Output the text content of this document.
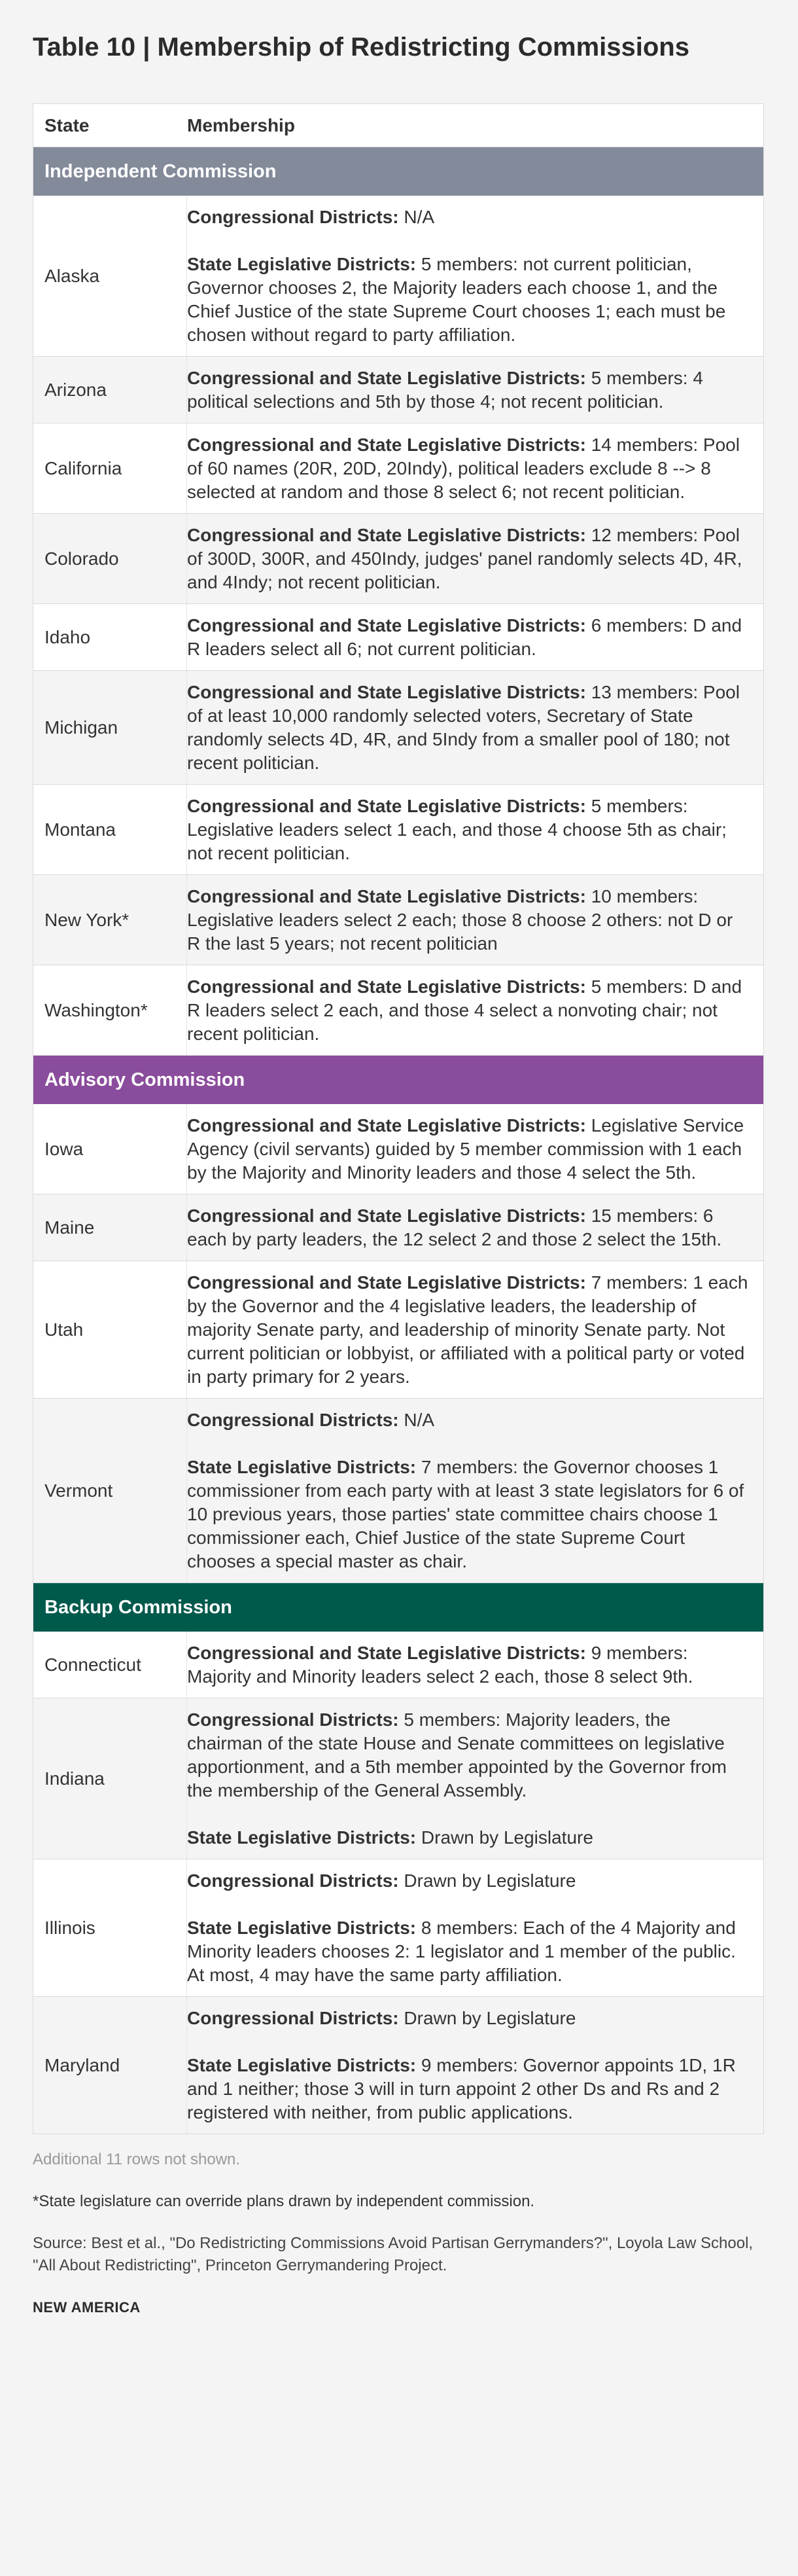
Table 10 | Membership of Redistricting Commissions
State	Membership
Independent Commission
Alaska
Congressional Districts: N/A
State Legislative Districts: 5 members: not current politician, Governor chooses 2, the Majority leaders each choose 1, and the Chief Justice of the state Supreme Court chooses 1; each must be chosen without regard to party affiliation.
Arizona
Congressional and State Legislative Districts: 5 members: 4 political selections and 5th by those 4; not recent politician.
California
Congressional and State Legislative Districts: 14 members: Pool of 60 names (20R, 20D, 20Indy), political leaders exclude 8 --> 8 selected at random and those 8 select 6; not recent politician.
Colorado
Congressional and State Legislative Districts: 12 members: Pool of 300D, 300R, and 450Indy, judges' panel randomly selects 4D, 4R, and 4Indy; not recent politician.
Idaho
Congressional and State Legislative Districts: 6 members: D and R leaders select all 6; not current politician.
Michigan
Congressional and State Legislative Districts: 13 members: Pool of at least 10,000 randomly selected voters, Secretary of State randomly selects 4D, 4R, and 5Indy from a smaller pool of 180; not recent politician.
Montana
Congressional and State Legislative Districts: 5 members: Legislative leaders select 1 each, and those 4 choose 5th as chair; not recent politician.
New York*
Congressional and State Legislative Districts: 10 members: Legislative leaders select 2 each; those 8 choose 2 others: not D or R the last 5 years; not recent politician
Washington*
Congressional and State Legislative Districts: 5 members: D and R leaders select 2 each, and those 4 select a nonvoting chair; not recent politician.
Advisory Commission
Iowa
Congressional and State Legislative Districts: Legislative Service Agency (civil servants) guided by 5 member commission with 1 each by the Majority and Minority leaders and those 4 select the 5th.
Maine
Congressional and State Legislative Districts: 15 members: 6 each by party leaders, the 12 select 2 and those 2 select the 15th.
Utah
Congressional and State Legislative Districts: 7 members: 1 each by the Governor and the 4 legislative leaders, the leadership of majority Senate party, and leadership of minority Senate party. Not current politician or lobbyist, or affiliated with a political party or voted in party primary for 2 years.
Vermont
Congressional Districts: N/A
State Legislative Districts: 7 members: the Governor chooses 1 commissioner from each party with at least 3 state legislators for 6 of 10 previous years, those parties' state committee chairs choose 1 commissioner each, Chief Justice of the state Supreme Court chooses a special master as chair.
Backup Commission
Connecticut
Congressional and State Legislative Districts: 9 members: Majority and Minority leaders select 2 each, those 8 select 9th.
Indiana
Congressional Districts: 5 members: Majority leaders, the chairman of the state House and Senate committees on legislative apportionment, and a 5th member appointed by the Governor from the membership of the General Assembly.
State Legislative Districts: Drawn by Legislature
Illinois
Congressional Districts: Drawn by Legislature
State Legislative Districts: 8 members: Each of the 4 Majority and Minority leaders chooses 2: 1 legislator and 1 member of the public. At most, 4 may have the same party affiliation.
Maryland
Congressional Districts: Drawn by Legislature
State Legislative Districts: 9 members: Governor appoints 1D, 1R and 1 neither; those 3 will in turn appoint 2 other Ds and Rs and 2 registered with neither, from public applications.
Additional 11 rows not shown.
*State legislature can override plans drawn by independent commission.
Source: Best et al., "Do Redistricting Commissions Avoid Partisan Gerrymanders?", Loyola Law School, "All About Redistricting", Princeton Gerrymandering Project.
NEW AMERICA
